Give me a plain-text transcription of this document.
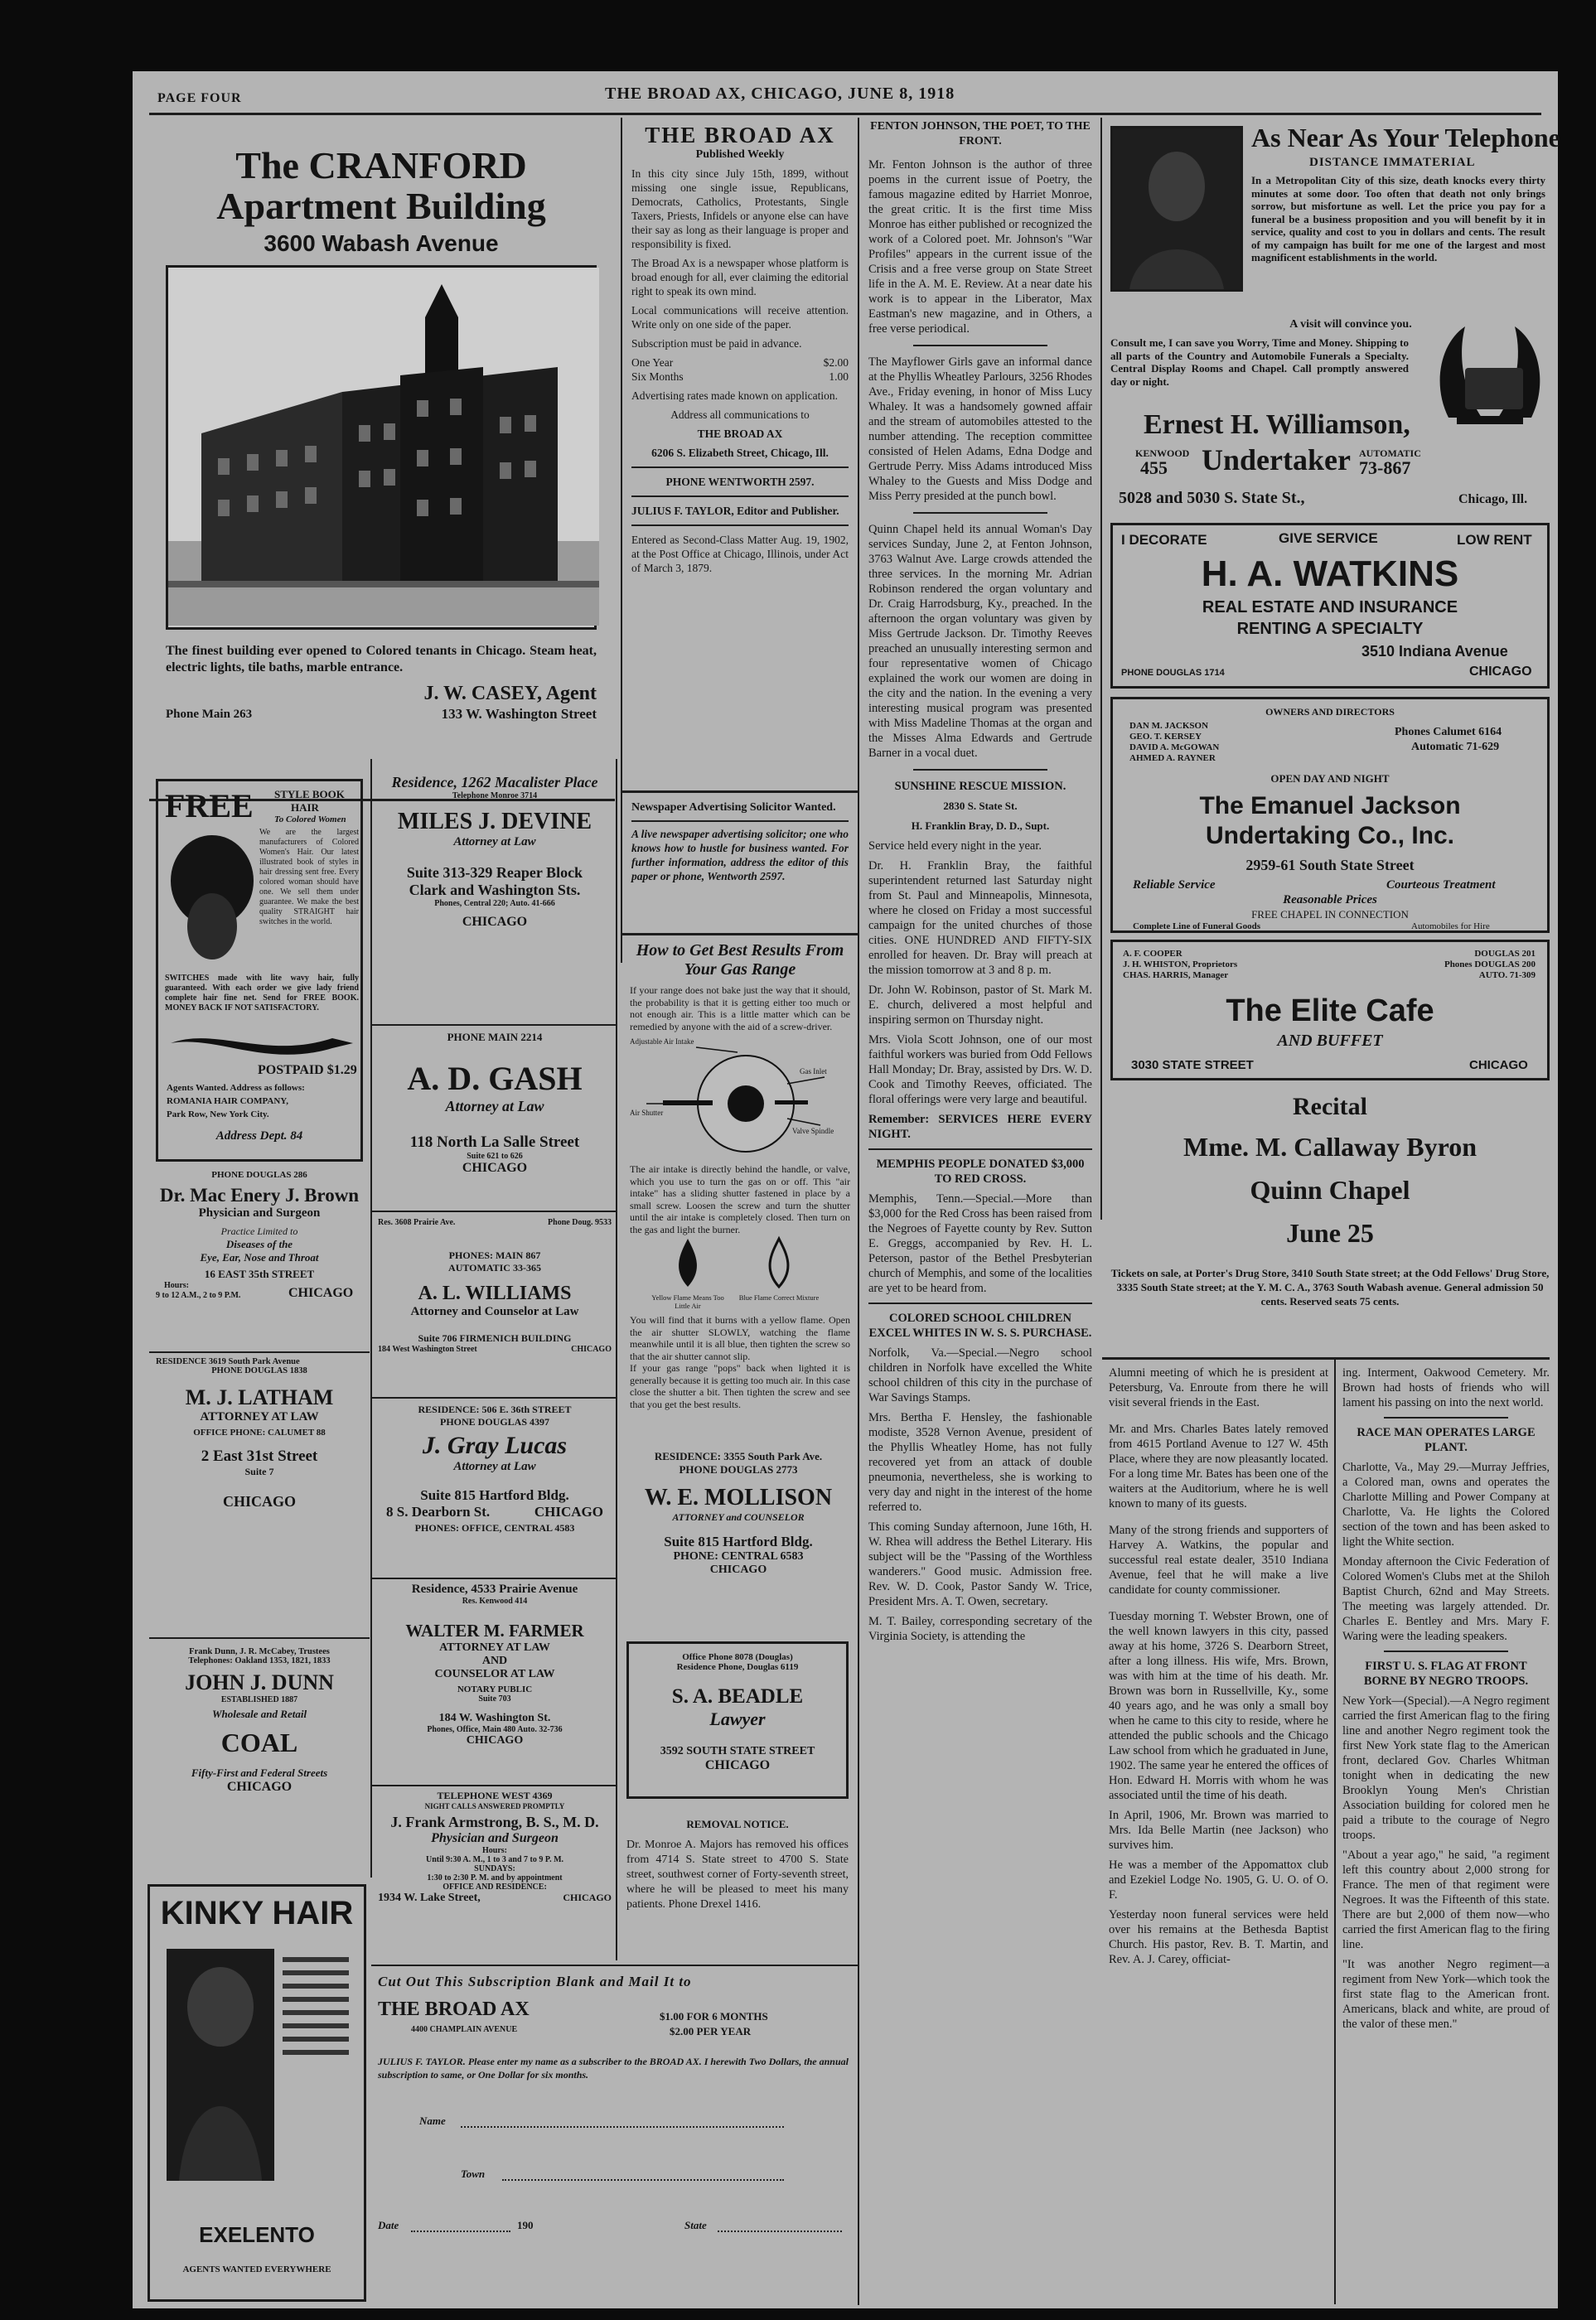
PAGE FOUR	THE BROAD AX, CHICAGO, JUNE 8, 1918
The CRANFORD
Apartment Building
3600 Wabash Avenue
The finest building ever opened to Colored tenants in Chicago. Steam heat, electric lights, tile baths, marble entrance.
J. W. CASEY, Agent
Phone Main 263	133 W. Washington Street
THE BROAD AX
Published Weekly

In this city since July 15th, 1899, without missing one single issue, Republicans, Democrats, Catholics, Protestants, Single Taxers, Priests, Infidels or anyone else can have their say as long as their language is proper and responsibility is fixed.

The Broad Ax is a newspaper whose platform is broad enough for all, ever claiming the editorial right to speak its own mind.

Local communications will receive attention. Write only on one side of the paper.

Subscription must be paid in advance.

One Year	$2.00
Six Months	1.00

Advertising rates made known on application.

Address all communications to

THE BROAD AX

6206 S. Elizabeth Street, Chicago, Ill.

PHONE WENTWORTH 2597.

JULIUS F. TAYLOR, Editor and Publisher.

Entered as Second-Class Matter Aug. 19, 1902, at the Post Office at Chicago, Illinois, under Act of March 3, 1879.

Newspaper Advertising Solicitor Wanted.
A live newspaper advertising solicitor; one who knows how to hustle for business wanted. For further information, address the editor of this paper or phone, Wentworth 2597.
How to Get Best Results From Your Gas Range
If your range does not bake just the way that it should, the probability is that it is getting either too much or not enough air. This is a little matter which can be remedied by anyone with the aid of a screw-driver.
Adjustable Air Intake
Air Shutter
Gas Inlet
Valve Spindle
The air intake is directly behind the handle, or valve, which you use to turn the gas on or off. This "air intake" has a sliding shutter fastened in place by a small screw. Loosen the screw and turn the shutter until the air intake is completely closed. Then turn on the gas and light the burner.
Yellow Flame Means Too Little Air
Blue Flame Correct Mixture
You will find that it burns with a yellow flame. Open the air shutter SLOWLY, watching the flame meanwhile until it is all blue, then tighten the screw so that the air shutter cannot slip.
If your gas range "pops" back when lighted it is generally because it is getting too much air. In this case close the shutter a bit. Then tighten the screw and see that you get the best results.
FENTON JOHNSON, THE POET, TO THE FRONT.

Mr. Fenton Johnson is the author of three poems in the current issue of Poetry, the famous magazine edited by Harriet Monroe, the great critic. It is the first time Miss Monroe has either published or recognized the work of a Colored poet. Mr. Johnson's "War Profiles" appears in the current issue of the Crisis and a free verse group on State Street life in the A. M. E. Review. At a near date his work is to appear in the Liberator, Max Eastman's new magazine, and in Others, a free verse periodical.

The Mayflower Girls gave an informal dance at the Phyllis Wheatley Parlours, 3256 Rhodes Ave., Friday evening, in honor of Miss Lucy Whaley. It was a handsomely gowned affair and the stream of automobiles attested to the number attending. The reception committee consisted of Helen Adams, Edna Dodge and Gertrude Perry. Miss Adams introduced Miss Whaley to the Guests and Miss Dodge and Miss Perry presided at the punch bowl.

Quinn Chapel held its annual Woman's Day services Sunday, June 2, at Fenton Johnson, 3763 Walnut Ave. Large crowds attended the three services. In the morning Mr. Adrian Robinson rendered the organ voluntary and Dr. Craig Harrodsburg, Ky., preached. In the afternoon the organ voluntary was given by Miss Gertrude Jackson. Dr. Timothy Reeves preached an unusually interesting sermon and four representative women of Chicago explained the work our women are doing in the city and the nation. In the evening a very interesting musical program was presented with Miss Madeline Thomas at the organ and the Misses Alma Edwards and Gertrude Barner in a vocal duet.

SUNSHINE RESCUE MISSION.

2830 S. State St.

H. Franklin Bray, D. D., Supt.

Service held every night in the year.

Dr. H. Franklin Bray, the faithful superintendent returned last Saturday night from St. Paul and Minneapolis, Minnesota, where he closed on Friday a most successful campaign for the united churches of those cities. ONE HUNDRED AND FIFTY-SIX enrolled for heaven. Dr. Bray will preach at the mission tomorrow at 3 and 8 p. m.

Dr. John W. Robinson, pastor of St. Mark M. E. church, delivered a most helpful and inspiring sermon on Thursday night.

Mrs. Viola Scott Johnson, one of our most faithful workers was buried from Odd Fellows Hall Monday; Dr. Bray, assisted by Drs. W. D. Cook and Timothy Reeves, officiated. The floral offerings were very large and beautiful.

Remember: SERVICES HERE EVERY NIGHT.

MEMPHIS PEOPLE DONATED $3,000 TO RED CROSS.

Memphis, Tenn.—Special.—More than $3,000 for the Red Cross has been raised from the Negroes of Fayette county by Rev. Sutton E. Greggs, accompanied by Rev. H. L. Peterson, pastor of the Bethel Presbyterian church of Memphis, and some of the localities are yet to be heard from.

COLORED SCHOOL CHILDREN EXCEL WHITES IN W. S. S. PURCHASE.

Norfolk, Va.—Special.—Negro school children in Norfolk have excelled the White school children of this city in the purchase of War Savings Stamps.

Mrs. Bertha F. Hensley, the fashionable modiste, 3528 Vernon Avenue, president of the Phyllis Wheatley Home, has not fully recovered yet from an attack of double pneumonia, nevertheless, she is working to very day and night in the interest of the home referred to.

This coming Sunday afternoon, June 16th, H. W. Rhea will address the Bethel Literary. His subject will be the "Passing of the Worthless wanderers." Good music. Admission free. Rev. W. D. Cook, Pastor Sandy W. Trice, President Mrs. A. T. Owen, secretary.

M. T. Bailey, corresponding secretary of the Virginia Society, is attending the

As Near As Your Telephone
DISTANCE IMMATERIAL
In a Metropolitan City of this size, death knocks every thirty minutes at some door. Too often that death not only brings sorrow, but misfortune as well. Let the price you pay for a funeral be a business proposition and you will benefit by it in service, quality and cost to you in dollars and cents. The result of my campaign has built for me one of the largest and most magnificent establishments in the world.
A visit will convince you.
Consult me, I can save you Worry, Time and Money. Shipping to all parts of the Country and Automobile Funerals a Specialty. Central Display Rooms and Chapel. Call promptly answered day or night.
Ernest H. Williamson,
KENWOOD
455 Undertaker AUTOMATIC
73-867
5028 and 5030 S. State St.,	Chicago, Ill.
I DECORATE	GIVE SERVICE	LOW RENT
H. A. WATKINS
REAL ESTATE AND INSURANCE
RENTING A SPECIALTY
3510 Indiana Avenue
PHONE DOUGLAS 1714	CHICAGO
OWNERS AND DIRECTORS
DAN M. JACKSON
GEO. T. KERSEY
DAVID A. McGOWAN
AHMED A. RAYNER
Phones Calumet 6164
Automatic 71-629
OPEN DAY AND NIGHT
The Emanuel Jackson
Undertaking Co., Inc.
2959-61 South State Street
Reliable Service	Courteous Treatment
Reasonable Prices
FREE CHAPEL IN CONNECTION
Complete Line of Funeral Goods	Automobiles for Hire
A. F. COOPER
J. H. WHISTON, Proprietors
CHAS. HARRIS, Manager
DOUGLAS 201
Phones DOUGLAS 200
AUTO. 71-309
The Elite Cafe
AND BUFFET
3030 STATE STREET	CHICAGO
Recital
Mme. M. Callaway Byron
Quinn Chapel
June 25
Tickets on sale, at Porter's Drug Store, 3410 South State street; at the Odd Fellows' Drug Store, 3335 South State street; at the Y. M. C. A., 3763 South Wabash avenue. General admission 50 cents. Reserved seats 75 cents.

Alumni meeting of which he is president at Petersburg, Va. Enroute from there he will visit several friends in the East.

Mr. and Mrs. Charles Bates lately removed from 4615 Portland Avenue to 127 W. 45th Place, where they are now pleasantly located. For a long time Mr. Bates has been one of the waiters at the Auditorium, where he is well known to many of its guests.

Many of the strong friends and supporters of Harvey A. Watkins, the popular and successful real estate dealer, 3510 Indiana Avenue, feel that he will make a live candidate for county commissioner.

Tuesday morning T. Webster Brown, one of the well known lawyers in this city, passed away at his home, 3726 S. Dearborn Street, after a long illness. His wife, Mrs. Brown, was with him at the time of his death. Mr. Brown was born in Russellville, Ky., some 40 years ago, and he was only a small boy when he came to this city to reside, where he attended the public schools and the Chicago Law school from which he graduated in June, 1902. The same year he entered the offices of Hon. Edward H. Morris with whom he was associated until the time of his death.

In April, 1906, Mr. Brown was married to Mrs. Ida Belle Martin (nee Jackson) who survives him.

He was a member of the Appomattox club and Ezekiel Lodge No. 1905, G. U. O. of O. F.

Yesterday noon funeral services were held over his remains at the Bethesda Baptist Church. His pastor, Rev. B. T. Martin, and Rev. A. J. Carey, officiat-

ing. Interment, Oakwood Cemetery. Mr. Brown had hosts of friends who will lament his passing on into the next world.

RACE MAN OPERATES LARGE PLANT.

Charlotte, Va., May 29.—Murray Jeffries, a Colored man, owns and operates the Charlotte Milling and Power Company at Charlotte, Va. He lights the Colored section of the town and has been asked to light the White section.

Monday afternoon the Civic Federation of Colored Women's Clubs met at the Shiloh Baptist Church, 62nd and May Streets. The meeting was largely attended. Dr. Charles E. Bentley and Mrs. Mary F. Waring were the leading speakers.

FIRST U. S. FLAG AT FRONT BORNE BY NEGRO TROOPS.

New York—(Special).—A Negro regiment carried the first American flag to the firing line and another Negro regiment took the first New York state flag to the American front, declared Gov. Charles Whitman tonight when in dedicating the new Brooklyn Young Men's Christian Association building for colored men he paid a tribute to the courage of Negro troops.

"About a year ago," he said, "a regiment left this country about 2,000 strong for France. The men of that regiment were Negroes. It was the Fifteenth of this state. There are but 2,000 of them now—who carried the first American flag to the firing line.

"It was another Negro regiment—a regiment from New York—which took the first state flag to the American front. Americans, black and white, are proud of the valor of these men."

FREE STYLE BOOK
HAIR
To Colored Women
We are the largest manufacturers of Colored Women's Hair. Our latest illustrated book of styles in hair dressing sent free. Every colored woman should have one. We sell them under guarantee. We make the best quality STRAIGHT hair switches in the world.
SWITCHES made with lite wavy hair, fully guaranteed. With each order we give lady friend complete hair fine net. Send for FREE BOOK. MONEY BACK IF NOT SATISFACTORY.
POSTPAID $1.29
Agents Wanted. Address as follows:
ROMANIA HAIR COMPANY,
Park Row, New York City.
Address Dept. 84
PHONE DOUGLAS 286
Dr. Mac Enery J. Brown
Physician and Surgeon
Practice Limited to
Diseases of the
Eye, Ear, Nose and Throat
16 EAST 35th STREET
Hours:
9 to 12 A.M., 2 to 9 P.M.	CHICAGO
RESIDENCE 3619 South Park Avenue
PHONE DOUGLAS 1838
M. J. LATHAM
ATTORNEY AT LAW
OFFICE PHONE: CALUMET 88
2 East 31st Street
Suite 7
CHICAGO
Frank Dunn, J. R. McCabey, Trustees
Telephones: Oakland 1353, 1821, 1833
JOHN J. DUNN
ESTABLISHED 1887
Wholesale and Retail
COAL
Fifty-First and Federal Streets
CHICAGO
KINKY HAIR
EXELENTO
AGENTS WANTED EVERYWHERE
Residence, 1262 Macalister Place
Telephone Monroe 3714
MILES J. DEVINE
Attorney at Law
Suite 313-329 Reaper Block
Clark and Washington Sts.
Phones, Central 220; Auto. 41-666
CHICAGO
PHONE MAIN 2214
A. D. GASH
Attorney at Law
118 North La Salle Street
Suite 621 to 626
CHICAGO
Res. 3608 Prairie Ave.	Phone Doug. 9533
PHONES: MAIN 867
AUTOMATIC 33-365
A. L. WILLIAMS
Attorney and Counselor at Law
Suite 706 FIRMENICH BUILDING
184 West Washington Street	CHICAGO
RESIDENCE: 506 E. 36th STREET
PHONE DOUGLAS 4397
J. Gray Lucas
Attorney at Law
Suite 815 Hartford Bldg.
8 S. Dearborn St.	CHICAGO
PHONES: OFFICE, CENTRAL 4583
Residence, 4533 Prairie Avenue
Res. Kenwood 414
WALTER M. FARMER
ATTORNEY AT LAW
AND
COUNSELOR AT LAW
NOTARY PUBLIC
Suite 703
184 W. Washington St.
Phones, Office, Main 480 Auto. 32-736
CHICAGO
TELEPHONE WEST 4369
NIGHT CALLS ANSWERED PROMPTLY
J. Frank Armstrong, B. S., M. D.
Physician and Surgeon
Hours:
Until 9:30 A. M., 1 to 3 and 7 to 9 P. M.
SUNDAYS:
1:30 to 2:30 P. M. and by appointment
OFFICE AND RESIDENCE:
1934 W. Lake Street,	CHICAGO
RESIDENCE: 3355 South Park Ave.
PHONE DOUGLAS 2773
W. E. MOLLISON
ATTORNEY and COUNSELOR
Suite 815 Hartford Bldg.
PHONE: CENTRAL 6583
CHICAGO
Office Phone 8078 (Douglas)
Residence Phone, Douglas 6119
S. A. BEADLE
Lawyer
3592 SOUTH STATE STREET
CHICAGO
REMOVAL NOTICE.
Dr. Monroe A. Majors has removed his offices from 4714 S. State street to 4700 S. State street, southwest corner of Forty-seventh street, where he will be pleased to meet his many patients. Phone Drexel 1416.
Cut Out This Subscription Blank and Mail It to
THE BROAD AX
4400 CHAMPLAIN AVENUE
$1.00 FOR 6 MONTHS
$2.00 PER YEAR
JULIUS F. TAYLOR. Please enter my name as a subscriber to the BROAD AX. I herewith Two Dollars, the annual subscription to same, or One Dollar for six months.
Name
Town
Date	190	State
